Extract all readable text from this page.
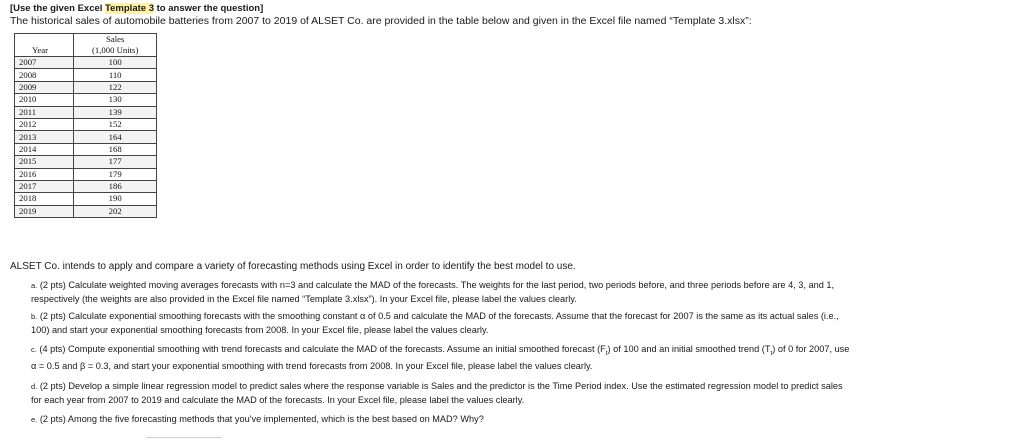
[Use the given Excel Template 3 to answer the question]
The historical sales of automobile batteries from 2007 to 2019 of ALSET Co. are provided in the table below and given in the Excel file named “Template 3.xlsx”:
Year	Sales
(1,000 Units)

2007	100
2008	110
2009	122
2010	130
2011	139
2012	152
2013	164
2014	168
2015	177
2016	179
2017	186
2018	190
2019	202
ALSET Co. intends to apply and compare a variety of forecasting methods using Excel in order to identify the best model to use.
a. (2 pts) Calculate weighted moving averages forecasts with n=3 and calculate the MAD of the forecasts. The weights for the last period, two periods before, and three periods before are 4, 3, and 1, respectively (the weights are also provided in the Excel file named “Template 3.xlsx”). In your Excel file, please label the values clearly.
b. (2 pts) Calculate exponential smoothing forecasts with the smoothing constant α of 0.5 and calculate the MAD of the forecasts. Assume that the forecast for 2007 is the same as its actual sales (i.e., 100) and start your exponential smoothing forecasts from 2008. In your Excel file, please label the values clearly.
c. (4 pts) Compute exponential smoothing with trend forecasts and calculate the MAD of the forecasts. Assume an initial smoothed forecast $(F_t)$ of 100 and an initial smoothed trend $(T_t)$ of 0 for 2007, use α = 0.5 and β = 0.3, and start your exponential smoothing with trend forecasts from 2008. In your Excel file, please label the values clearly.
d. (2 pts) Develop a simple linear regression model to predict sales where the response variable is Sales and the predictor is the Time Period index. Use the estimated regression model to predict sales for each year from 2007 to 2019 and calculate the MAD of the forecasts. In your Excel file, please label the values clearly.
e. (2 pts) Among the five forecasting methods that you've implemented, which is the best based on MAD? Why?
